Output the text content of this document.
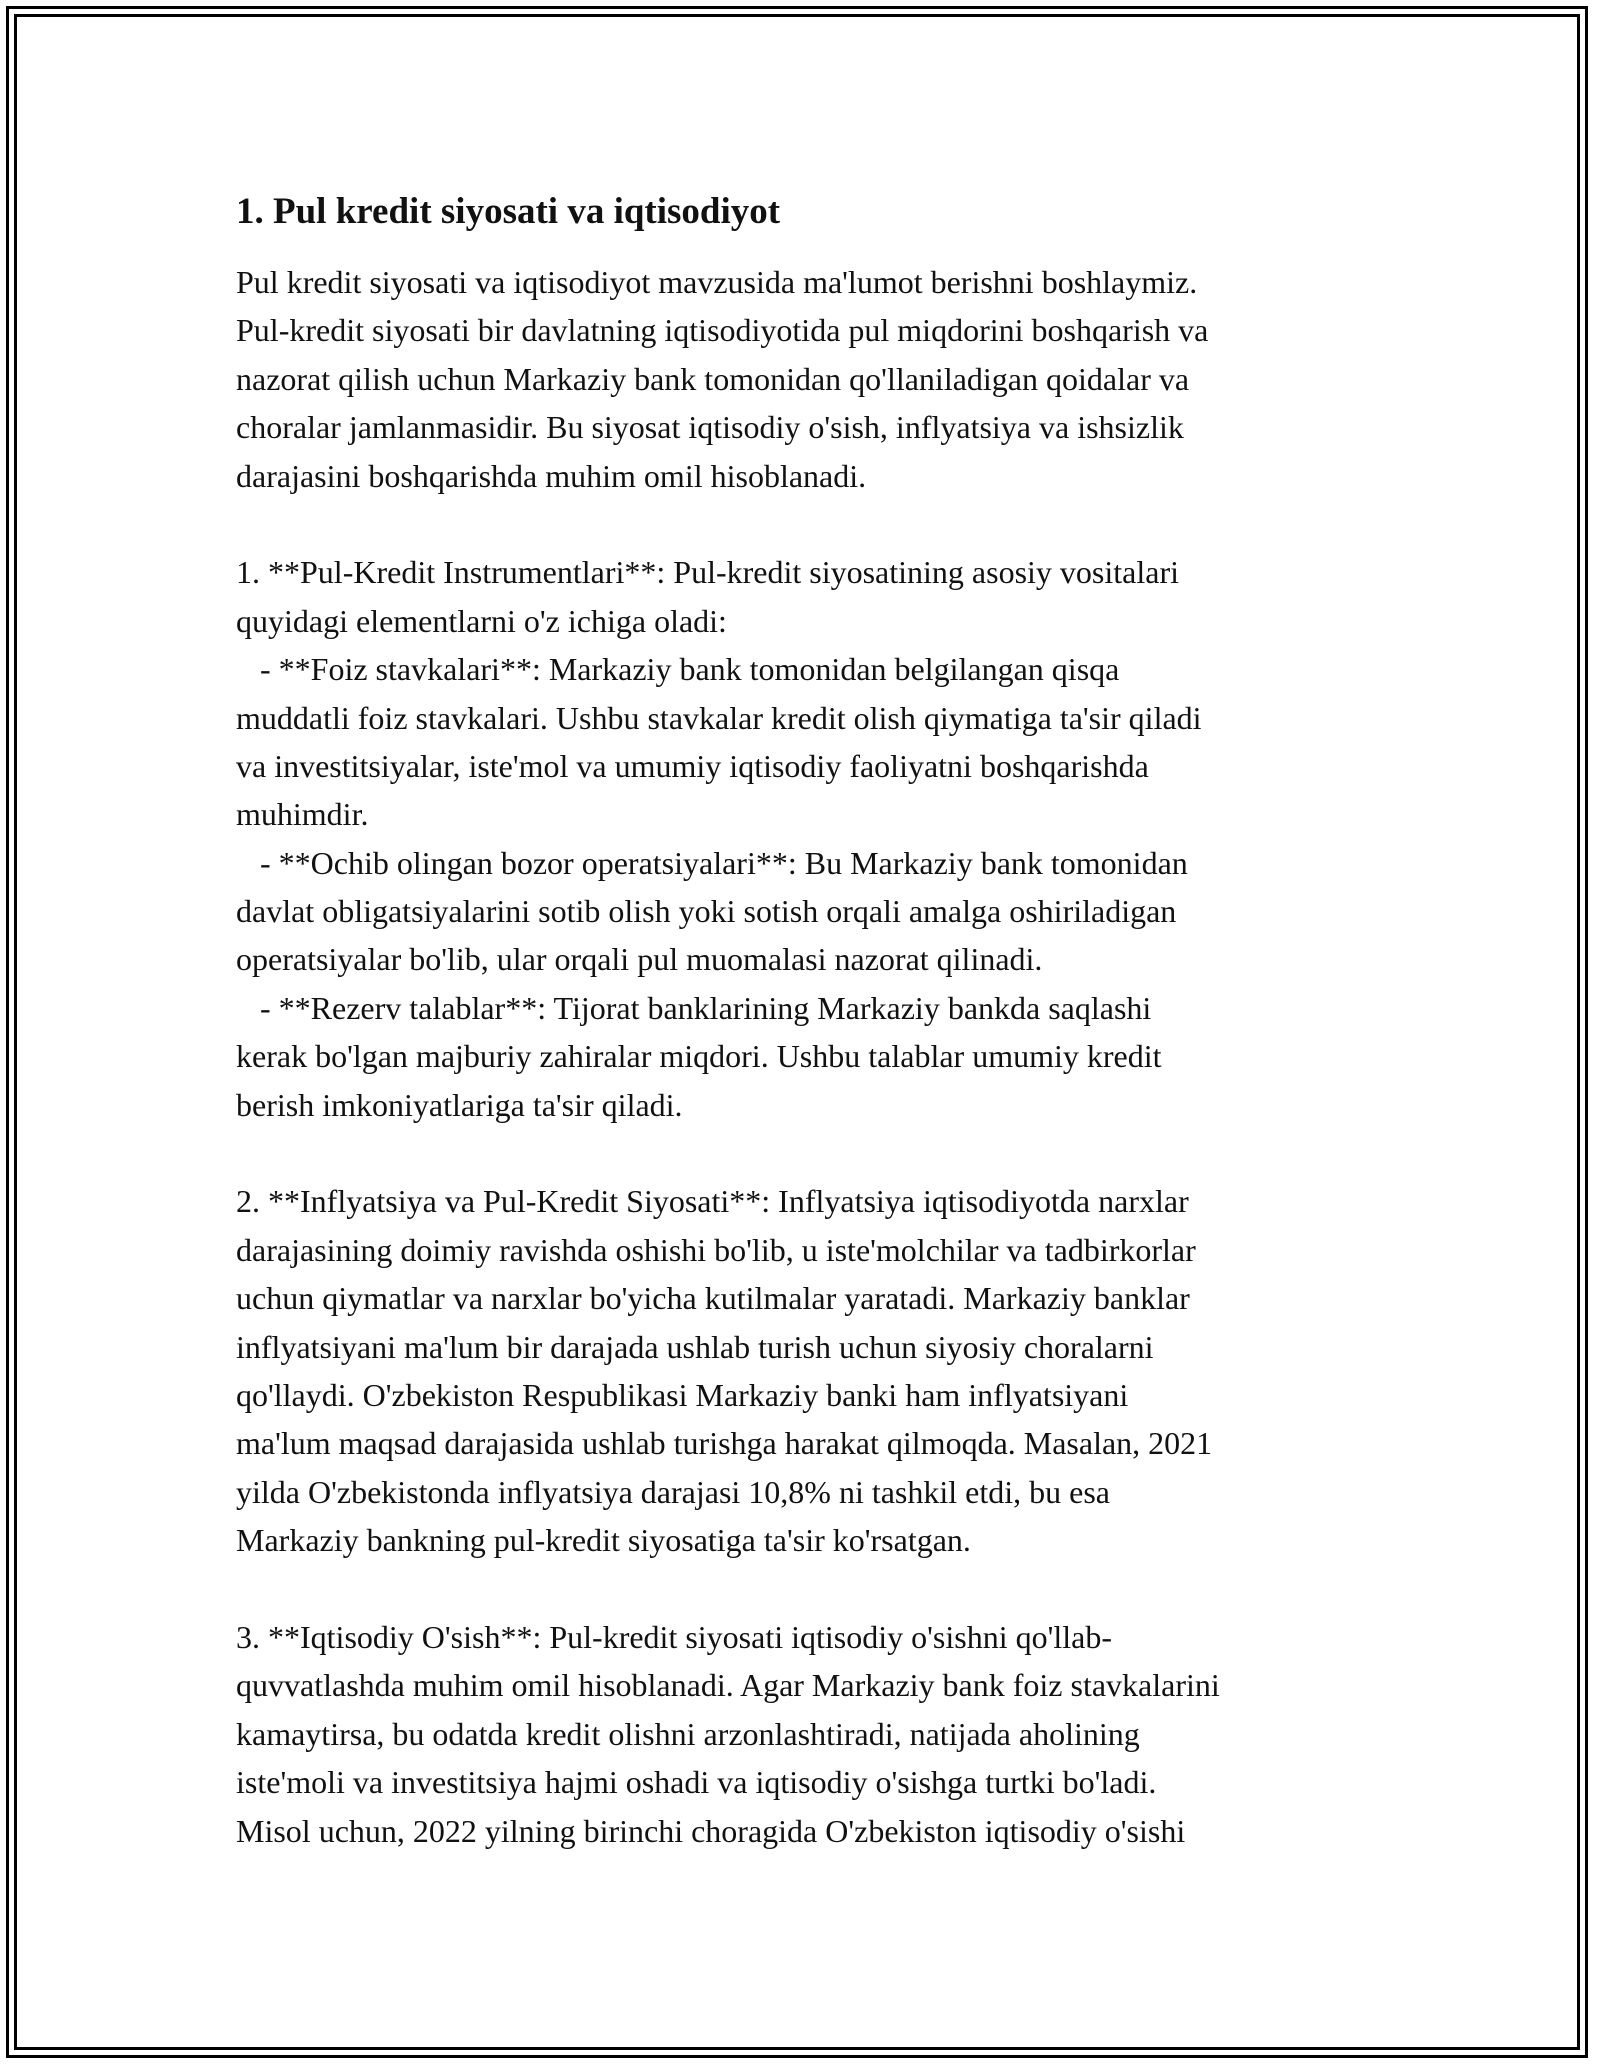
1. Pul kredit siyosati va iqtisodiyot
Pul kredit siyosati va iqtisodiyot mavzusida ma'lumot berishni boshlaymiz.
Pul-kredit siyosati bir davlatning iqtisodiyotida pul miqdorini boshqarish va
nazorat qilish uchun Markaziy bank tomonidan qo'llaniladigan qoidalar va
choralar jamlanmasidir. Bu siyosat iqtisodiy o'sish, inflyatsiya va ishsizlik
darajasini boshqarishda muhim omil hisoblanadi.
1. **Pul-Kredit Instrumentlari**: Pul-kredit siyosatining asosiy vositalari
quyidagi elementlarni o'z ichiga oladi:
- **Foiz stavkalari**: Markaziy bank tomonidan belgilangan qisqa
muddatli foiz stavkalari. Ushbu stavkalar kredit olish qiymatiga ta'sir qiladi
va investitsiyalar, iste'mol va umumiy iqtisodiy faoliyatni boshqarishda
muhimdir.
- **Ochib olingan bozor operatsiyalari**: Bu Markaziy bank tomonidan
davlat obligatsiyalarini sotib olish yoki sotish orqali amalga oshiriladigan
operatsiyalar bo'lib, ular orqali pul muomalasi nazorat qilinadi.
- **Rezerv talablar**: Tijorat banklarining Markaziy bankda saqlashi
kerak bo'lgan majburiy zahiralar miqdori. Ushbu talablar umumiy kredit
berish imkoniyatlariga ta'sir qiladi.
2. **Inflyatsiya va Pul-Kredit Siyosati**: Inflyatsiya iqtisodiyotda narxlar
darajasining doimiy ravishda oshishi bo'lib, u iste'molchilar va tadbirkorlar
uchun qiymatlar va narxlar bo'yicha kutilmalar yaratadi. Markaziy banklar
inflyatsiyani ma'lum bir darajada ushlab turish uchun siyosiy choralarni
qo'llaydi. O'zbekiston Respublikasi Markaziy banki ham inflyatsiyani
ma'lum maqsad darajasida ushlab turishga harakat qilmoqda. Masalan, 2021
yilda O'zbekistonda inflyatsiya darajasi 10,8% ni tashkil etdi, bu esa
Markaziy bankning pul-kredit siyosatiga ta'sir ko'rsatgan.
3. **Iqtisodiy O'sish**: Pul-kredit siyosati iqtisodiy o'sishni qo'llab-
quvvatlashda muhim omil hisoblanadi. Agar Markaziy bank foiz stavkalarini
kamaytirsa, bu odatda kredit olishni arzonlashtiradi, natijada aholining
iste'moli va investitsiya hajmi oshadi va iqtisodiy o'sishga turtki bo'ladi.
Misol uchun, 2022 yilning birinchi choragida O'zbekiston iqtisodiy o'sishi
